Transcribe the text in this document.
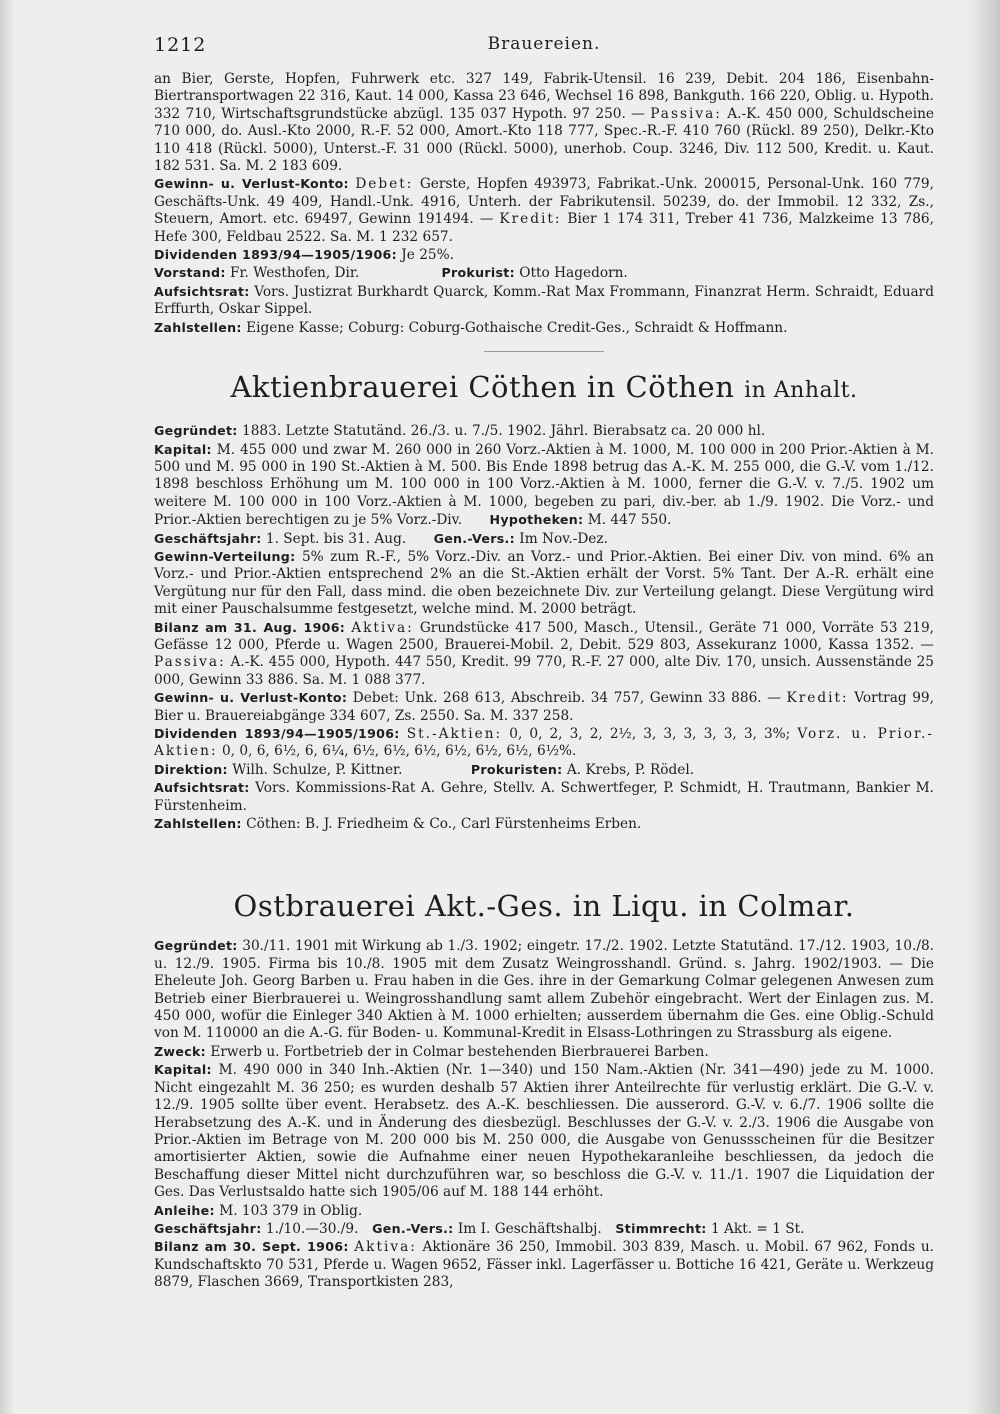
1212	Brauereien.

an Bier, Gerste, Hopfen, Fuhrwerk etc. 327 149, Fabrik-Utensil. 16 239, Debit. 204 186, Eisenbahn-Biertransportwagen 22 316, Kaut. 14 000, Kassa 23 646, Wechsel 16 898, Bankguth. 166 220, Oblig. u. Hypoth. 332 710, Wirtschaftsgrundstücke abzügl. 135 037 Hypoth. 97 250. — Passiva: A.-K. 450 000, Schuldscheine 710 000, do. Ausl.-Kto 2000, R.-F. 52 000, Amort.-Kto 118 777, Spec.-R.-F. 410 760 (Rückl. 89 250), Delkr.-Kto 110 418 (Rückl. 5000), Unterst.-F. 31 000 (Rückl. 5000), unerhob. Coup. 3246, Div. 112 500, Kredit. u. Kaut. 182 531. Sa. M. 2 183 609.

Gewinn- u. Verlust-Konto: Debet: Gerste, Hopfen 493973, Fabrikat.-Unk. 200015, Personal-Unk. 160 779, Geschäfts-Unk. 49 409, Handl.-Unk. 4916, Unterh. der Fabrikutensil. 50239, do. der Immobil. 12 332, Zs., Steuern, Amort. etc. 69497, Gewinn 191494. — Kredit: Bier 1 174 311, Treber 41 736, Malzkeime 13 786, Hefe 300, Feldbau 2522. Sa. M. 1 232 657.

Dividenden 1893/94—1905/1906: Je 25%.

Vorstand: Fr. Westhofen, Dir.      	Prokurist: Otto Hagedorn.

Aufsichtsrat: Vors. Justizrat Burkhardt Quarck, Komm.-Rat Max Frommann, Finanzrat Herm. Schraidt, Eduard Erffurth, Oskar Sippel.

Zahlstellen: Eigene Kasse; Coburg: Coburg-Gothaische Credit-Ges., Schraidt & Hoffmann.

Aktienbrauerei Cöthen in Cöthen in Anhalt.

Gegründet: 1883. Letzte Statutänd. 26./3. u. 7./5. 1902. Jährl. Bierabsatz ca. 20 000 hl.

Kapital: M. 455 000 und zwar M. 260 000 in 260 Vorz.-Aktien à M. 1000, M. 100 000 in 200 Prior.-Aktien à M. 500 und M. 95 000 in 190 St.-Aktien à M. 500. Bis Ende 1898 betrug das A.-K. M. 255 000, die G.-V. vom 1./12. 1898 beschloss Erhöhung um M. 100 000 in 100 Vorz.-Aktien à M. 1000, ferner die G.-V. v. 7./5. 1902 um weitere M. 100 000 in 100 Vorz.-Aktien à M. 1000, begeben zu pari, div.-ber. ab 1./9. 1902. Die Vorz.- und Prior.-Aktien berechtigen zu je 5% Vorz.-Div.   Hypotheken: M. 447 550.

Geschäftsjahr: 1. Sept. bis 31. Aug.   Gen.-Vers.: Im Nov.-Dez.

Gewinn-Verteilung: 5% zum R.-F., 5% Vorz.-Div. an Vorz.- und Prior.-Aktien. Bei einer Div. von mind. 6% an Vorz.- und Prior.-Aktien entsprechend 2% an die St.-Aktien erhält der Vorst. 5% Tant. Der A.-R. erhält eine Vergütung nur für den Fall, dass mind. die oben bezeichnete Div. zur Verteilung gelangt. Diese Vergütung wird mit einer Pauschalsumme festgesetzt, welche mind. M. 2000 beträgt.

Bilanz am 31. Aug. 1906: Aktiva: Grundstücke 417 500, Masch., Utensil., Geräte 71 000, Vorräte 53 219, Gefässe 12 000, Pferde u. Wagen 2500, Brauerei-Mobil. 2, Debit. 529 803, Assekuranz 1000, Kassa 1352. — Passiva: A.-K. 455 000, Hypoth. 447 550, Kredit. 99 770, R.-F. 27 000, alte Div. 170, unsich. Aussenstände 25 000, Gewinn 33 886. Sa. M. 1 088 377.

Gewinn- u. Verlust-Konto: Debet: Unk. 268 613, Abschreib. 34 757, Gewinn 33 886. — Kredit: Vortrag 99, Bier u. Brauereiabgänge 334 607, Zs. 2550. Sa. M. 337 258.

Dividenden 1893/94—1905/1906: St.-Aktien: 0, 0, 2, 3, 2, 2½, 3, 3, 3, 3, 3, 3, 3%; Vorz. u. Prior.-Aktien: 0, 0, 6, 6½, 6, 6¼, 6½, 6½, 6½, 6½, 6½, 6½, 6½%.

Direktion: Wilh. Schulze, P. Kittner.     	Prokuristen: A. Krebs, P. Rödel.

Aufsichtsrat: Vors. Kommissions-Rat A. Gehre, Stellv. A. Schwertfeger, P. Schmidt, H. Trautmann, Bankier M. Fürstenheim.

Zahlstellen: Cöthen: B. J. Friedheim & Co., Carl Fürstenheims Erben.

Ostbrauerei Akt.-Ges. in Liqu. in Colmar.

Gegründet: 30./11. 1901 mit Wirkung ab 1./3. 1902; eingetr. 17./2. 1902. Letzte Statutänd. 17./12. 1903, 10./8. u. 12./9. 1905. Firma bis 10./8. 1905 mit dem Zusatz Weingrosshandl. Gründ. s. Jahrg. 1902/1903. — Die Eheleute Joh. Georg Barben u. Frau haben in die Ges. ihre in der Gemarkung Colmar gelegenen Anwesen zum Betrieb einer Bierbrauerei u. Weingrosshandlung samt allem Zubehör eingebracht. Wert der Einlagen zus. M. 450 000, wofür die Einleger 340 Aktien à M. 1000 erhielten; ausserdem übernahm die Ges. eine Oblig.-Schuld von M. 110000 an die A.-G. für Boden- u. Kommunal-Kredit in Elsass-Lothringen zu Strassburg als eigene.

Zweck: Erwerb u. Fortbetrieb der in Colmar bestehenden Bierbrauerei Barben.

Kapital: M. 490 000 in 340 Inh.-Aktien (Nr. 1—340) und 150 Nam.-Aktien (Nr. 341—490) jede zu M. 1000. Nicht eingezahlt M. 36 250; es wurden deshalb 57 Aktien ihrer Anteilrechte für verlustig erklärt. Die G.-V. v. 12./9. 1905 sollte über event. Herabsetz. des A.-K. beschliessen. Die ausserord. G.-V. v. 6./7. 1906 sollte die Herabsetzung des A.-K. und in Änderung des diesbezügl. Beschlusses der G.-V. v. 2./3. 1906 die Ausgabe von Prior.-Aktien im Betrage von M. 200 000 bis M. 250 000, die Ausgabe von Genussscheinen für die Besitzer amortisierter Aktien, sowie die Aufnahme einer neuen Hypothekaranleihe beschliessen, da jedoch die Beschaffung dieser Mittel nicht durchzuführen war, so beschloss die G.-V. v. 11./1. 1907 die Liquidation der Ges. Das Verlustsaldo hatte sich 1905/06 auf M. 188 144 erhöht.

Anleihe: M. 103 379 in Oblig.

Geschäftsjahr: 1./10.—30./9.  Gen.-Vers.: Im I. Geschäftshalbj.  Stimmrecht: 1 Akt. = 1 St.

Bilanz am 30. Sept. 1906: Aktiva: Aktionäre 36 250, Immobil. 303 839, Masch. u. Mobil. 67 962, Fonds u. Kundschaftskto 70 531, Pferde u. Wagen 9652, Fässer inkl. Lagerfässer u. Bottiche 16 421, Geräte u. Werkzeug 8879, Flaschen 3669, Transportkisten 283,
